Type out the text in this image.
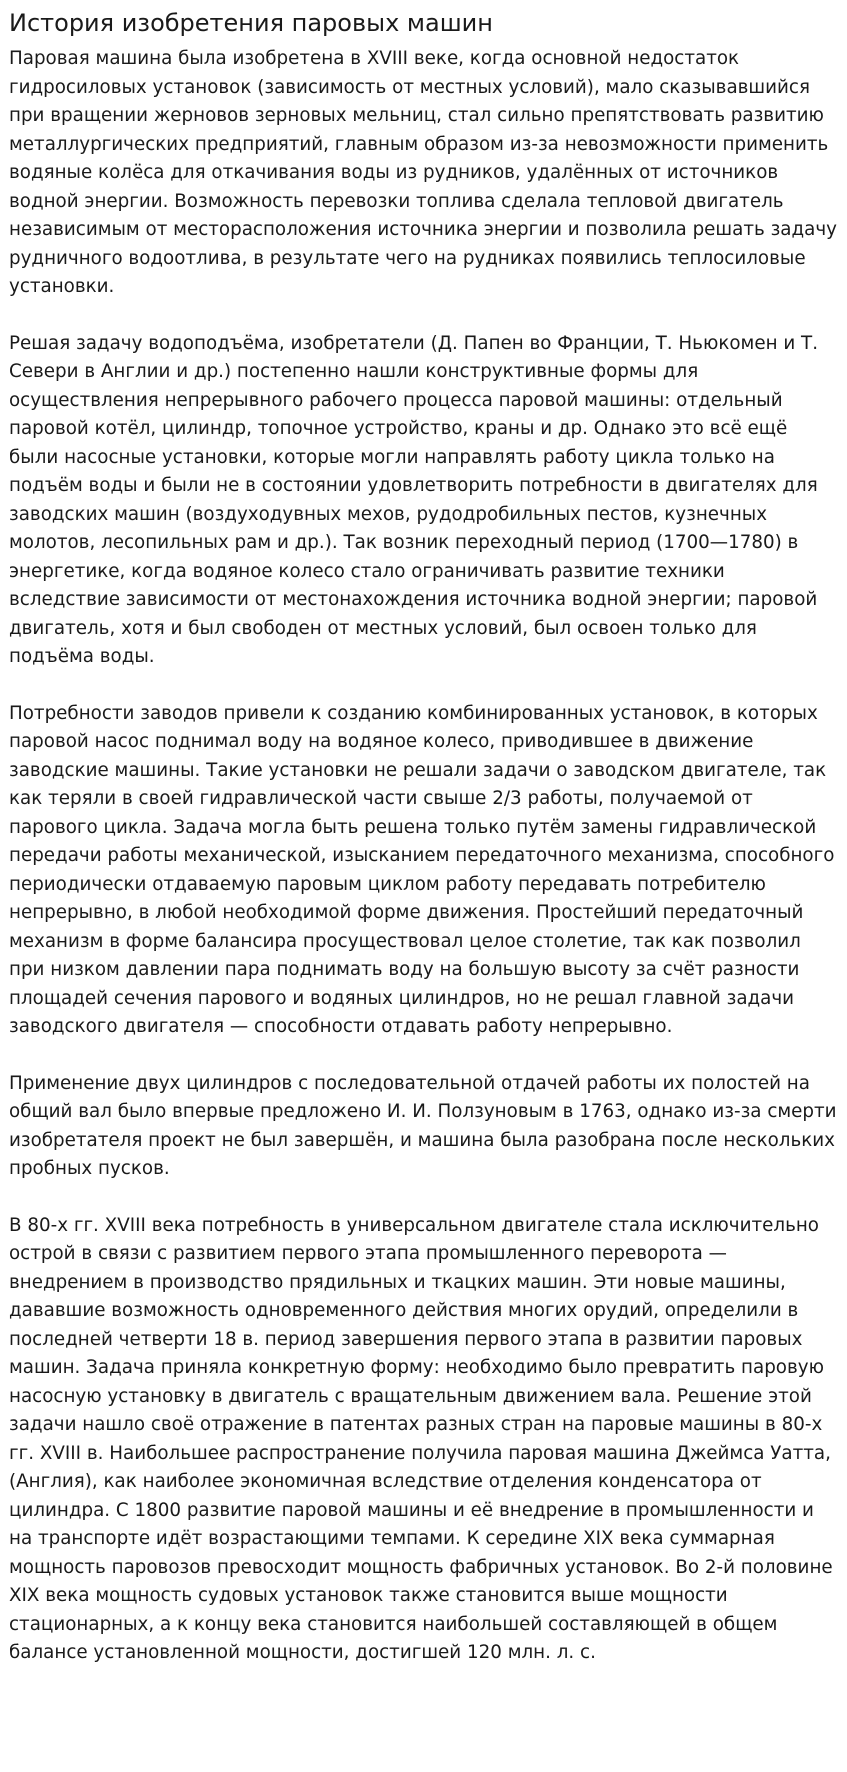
История изобретения паровых машин

Паровая машина была изобретена в XVIII веке, когда основной недостаток гидросиловых установок (зависимость от местных условий), мало сказывавшийся при вращении жерновов зерновых мельниц, стал сильно препятствовать развитию металлургических предприятий, главным образом из-за невозможности применить водяные колёса для откачивания воды из рудников, удалённых от источников водной энергии. Возможность перевозки топлива сделала тепловой двигатель независимым от месторасположения источника энергии и позволила решать задачу рудничного водоотлива, в результате чего на рудниках появились теплосиловые установки.

Решая задачу водоподъёма, изобретатели (Д. Папен во Франции, Т. Ньюкомен и Т. Севери в Англии и др.) постепенно нашли конструктивные формы для осуществления непрерывного рабочего процесса паровой машины: отдельный паровой котёл, цилиндр, топочное устройство, краны и др. Однако это всё ещё были насосные установки, которые могли направлять работу цикла только на подъём воды и были не в состоянии удовлетворить потребности в двигателях для заводских машин (воздуходувных мехов, рудодробильных пестов, кузнечных молотов, лесопильных рам и др.). Так возник переходный период (1700—1780) в энергетике, когда водяное колесо стало ограничивать развитие техники вследствие зависимости от местонахождения источника водной энергии; паровой двигатель, хотя и был свободен от местных условий, был освоен только для подъёма воды.

Потребности заводов привели к созданию комбинированных установок, в которых паровой насос поднимал воду на водяное колесо, приводившее в движение заводские машины. Такие установки не решали задачи о заводском двигателе, так как теряли в своей гидравлической части свыше 2/3 работы, получаемой от парового цикла. Задача могла быть решена только путём замены гидравлической передачи работы механической, изысканием передаточного механизма, способного периодически отдаваемую паровым циклом работу передавать потребителю непрерывно, в любой необходимой форме движения. Простейший передаточный механизм в форме балансира просуществовал целое столетие, так как позволил при низком давлении пара поднимать воду на большую высоту за счёт разности площадей сечения парового и водяных цилиндров, но не решал главной задачи заводского двигателя — способности отдавать работу непрерывно.

Применение двух цилиндров с последовательной отдачей работы их полостей на общий вал было впервые предложено И. И. Ползуновым в 1763, однако из-за смерти изобретателя проект не был завершён, и машина была разобрана после нескольких пробных пусков.

В 80-х гг. XVIII века потребность в универсальном двигателе стала исключительно острой в связи с развитием первого этапа промышленного переворота — внедрением в производство прядильных и ткацких машин. Эти новые машины, дававшие возможность одновременного действия многих орудий, определили в последней четверти 18 в. период завершения первого этапа в развитии паровых машин. Задача приняла конкретную форму: необходимо было превратить паровую насосную установку в двигатель с вращательным движением вала. Решение этой задачи нашло своё отражение в патентах разных стран на паровые машины в 80-х гг. XVIII в. Наибольшее распространение получила паровая машина Джеймса Уатта, (Англия), как наиболее экономичная вследствие отделения конденсатора от цилиндра. С 1800 развитие паровой машины и её внедрение в промышленности и на транспорте идёт возрастающими темпами. К середине XIX века суммарная мощность паровозов превосходит мощность фабричных установок. Во 2-й половине XIX века мощность судовых установок также становится выше мощности стационарных, а к концу века становится наибольшей составляющей в общем балансе установленной мощности, достигшей 120 млн. л. с.
